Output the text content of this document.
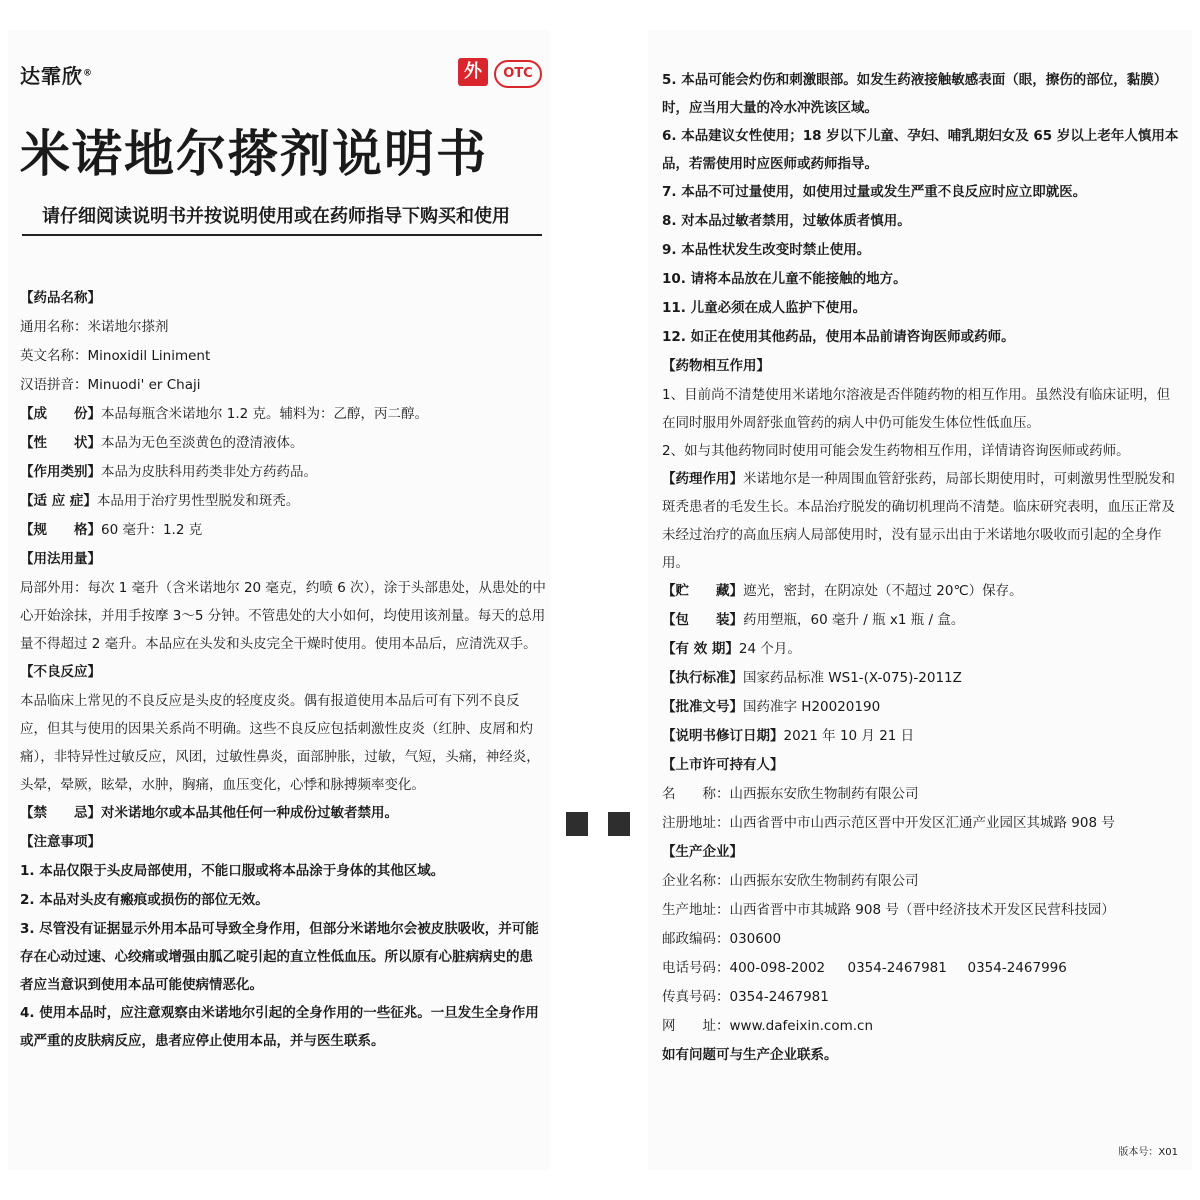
达霏欣®	外	OTC
米诺地尔搽剂说明书
请仔细阅读说明书并按说明使用或在药师指导下购买和使用

【药品名称】

通用名称：米诺地尔搽剂

英文名称：Minoxidil Liniment

汉语拼音：Minuodi' er Chaji

【成　　份】本品每瓶含米诺地尔 1.2 克。辅料为：乙醇，丙二醇。

【性　　状】本品为无色至淡黄色的澄清液体。

【作用类别】本品为皮肤科用药类非处方药药品。

【适 应 症】本品用于治疗男性型脱发和斑秃。

【规　　格】60 毫升：1.2 克

【用法用量】

局部外用：每次 1 毫升（含米诺地尔 20 毫克，约喷 6 次），涂于头部患处，从患处的中心开始涂抹，并用手按摩 3～5 分钟。不管患处的大小如何，均使用该剂量。每天的总用量不得超过 2 毫升。本品应在头发和头皮完全干燥时使用。使用本品后，应清洗双手。

【不良反应】

本品临床上常见的不良反应是头皮的轻度皮炎。偶有报道使用本品后可有下列不良反应，但其与使用的因果关系尚不明确。这些不良反应包括刺激性皮炎（红肿、皮屑和灼痛），非特异性过敏反应，风团，过敏性鼻炎，面部肿胀，过敏，气短，头痛，神经炎，头晕，晕厥，眩晕，水肿，胸痛，血压变化，心悸和脉搏频率变化。

【禁　　忌】对米诺地尔或本品其他任何一种成份过敏者禁用。

【注意事项】

1. 本品仅限于头皮局部使用，不能口服或将本品涂于身体的其他区域。

2. 本品对头皮有瘢痕或损伤的部位无效。

3. 尽管没有证据显示外用本品可导致全身作用，但部分米诺地尔会被皮肤吸收，并可能存在心动过速、心绞痛或增强由胍乙啶引起的直立性低血压。所以原有心脏病病史的患者应当意识到使用本品可能使病情恶化。

4. 使用本品时，应注意观察由米诺地尔引起的全身作用的一些征兆。一旦发生全身作用或严重的皮肤病反应，患者应停止使用本品，并与医生联系。

5. 本品可能会灼伤和刺激眼部。如发生药液接触敏感表面（眼，擦伤的部位，黏膜）时，应当用大量的冷水冲洗该区域。

6. 本品建议女性使用；18 岁以下儿童、孕妇、哺乳期妇女及 65 岁以上老年人慎用本品，若需使用时应医师或药师指导。

7. 本品不可过量使用，如使用过量或发生严重不良反应时应立即就医。

8. 对本品过敏者禁用，过敏体质者慎用。

9. 本品性状发生改变时禁止使用。

10. 请将本品放在儿童不能接触的地方。

11. 儿童必须在成人监护下使用。

12. 如正在使用其他药品，使用本品前请咨询医师或药师。

【药物相互作用】

1、目前尚不清楚使用米诺地尔溶液是否伴随药物的相互作用。虽然没有临床证明，但在同时服用外周舒张血管药的病人中仍可能发生体位性低血压。

2、如与其他药物同时使用可能会发生药物相互作用，详情请咨询医师或药师。

【药理作用】米诺地尔是一种周围血管舒张药，局部长期使用时，可刺激男性型脱发和斑秃患者的毛发生长。本品治疗脱发的确切机理尚不清楚。临床研究表明，血压正常及未经过治疗的高血压病人局部使用时，没有显示出由于米诺地尔吸收而引起的全身作用。

【贮　　藏】遮光，密封，在阴凉处（不超过 20℃）保存。

【包　　装】药用塑瓶，60 毫升 / 瓶 x1 瓶 / 盒。

【有 效 期】24 个月。

【执行标准】国家药品标准 WS1-(X-075)-2011Z

【批准文号】国药准字 H20020190

【说明书修订日期】2021 年 10 月 21 日

【上市许可持有人】

名　　称：山西振东安欣生物制药有限公司

注册地址：山西省晋中市山西示范区晋中开发区汇通产业园区其城路 908 号

【生产企业】

企业名称：山西振东安欣生物制药有限公司

生产地址：山西省晋中市其城路 908 号（晋中经济技术开发区民营科技园）

邮政编码：030600

电话号码：400-098-2002 0354-2467981 0354-2467996

传真号码：0354-2467981

网　　址：www.dafeixin.com.cn

如有问题可与生产企业联系。

版本号：X01
